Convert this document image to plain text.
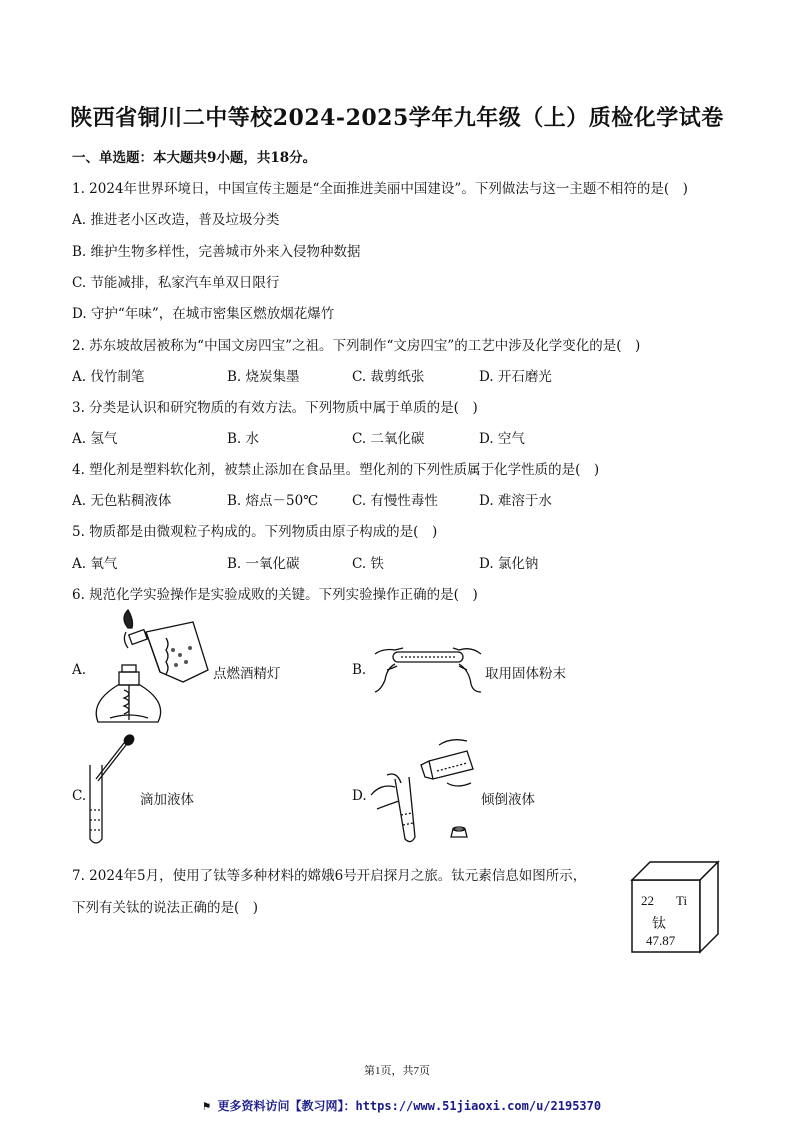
陕西省铜川二中等校2024-2025学年九年级（上）质检化学试卷
一、单选题：本大题共9小题，共18分。
1. 2024年世界环境日，中国宣传主题是“全面推进美丽中国建设”。下列做法与这一主题不相符的是(　)
A. 推进老小区改造，普及垃圾分类
B. 维护生物多样性，完善城市外来入侵物种数据
C. 节能减排，私家汽车单双日限行
D. 守护“年味”，在城市密集区燃放烟花爆竹
2. 苏东坡故居被称为“中国文房四宝”之祖。下列制作“文房四宝”的工艺中涉及化学变化的是(　)
A. 伐竹制笔	B. 烧炭集墨	C. 裁剪纸张	D. 开石磨光
3. 分类是认识和研究物质的有效方法。下列物质中属于单质的是(　)
A. 氢气	B. 水	C. 二氧化碳	D. 空气
4. 塑化剂是塑料软化剂，被禁止添加在食品里。塑化剂的下列性质属于化学性质的是(　)
A. 无色粘稠液体	B. 熔点－50℃ C. 有慢性毒性	D. 难溶于水
5. 物质都是由微观粒子构成的。下列物质由原子构成的是(　)
A. 氧气	B. 一氧化碳	C. 铁	D. 氯化钠
6. 规范化学实验操作是实验成败的关键。下列实验操作正确的是(　)
A.	点燃酒精灯	B.	取用固体粉末
C.	滴加液体	D.	倾倒液体
7. 2024年5月，使用了钛等多种材料的嫦娥6号开启探月之旅。钛元素信息如图所示，
下列有关钛的说法正确的是(　)	22 Ti
钛
47.87
第1页，共7页
⚑ 更多资料访问【教习网】：https://www.51jiaoxi.com/u/2195370
